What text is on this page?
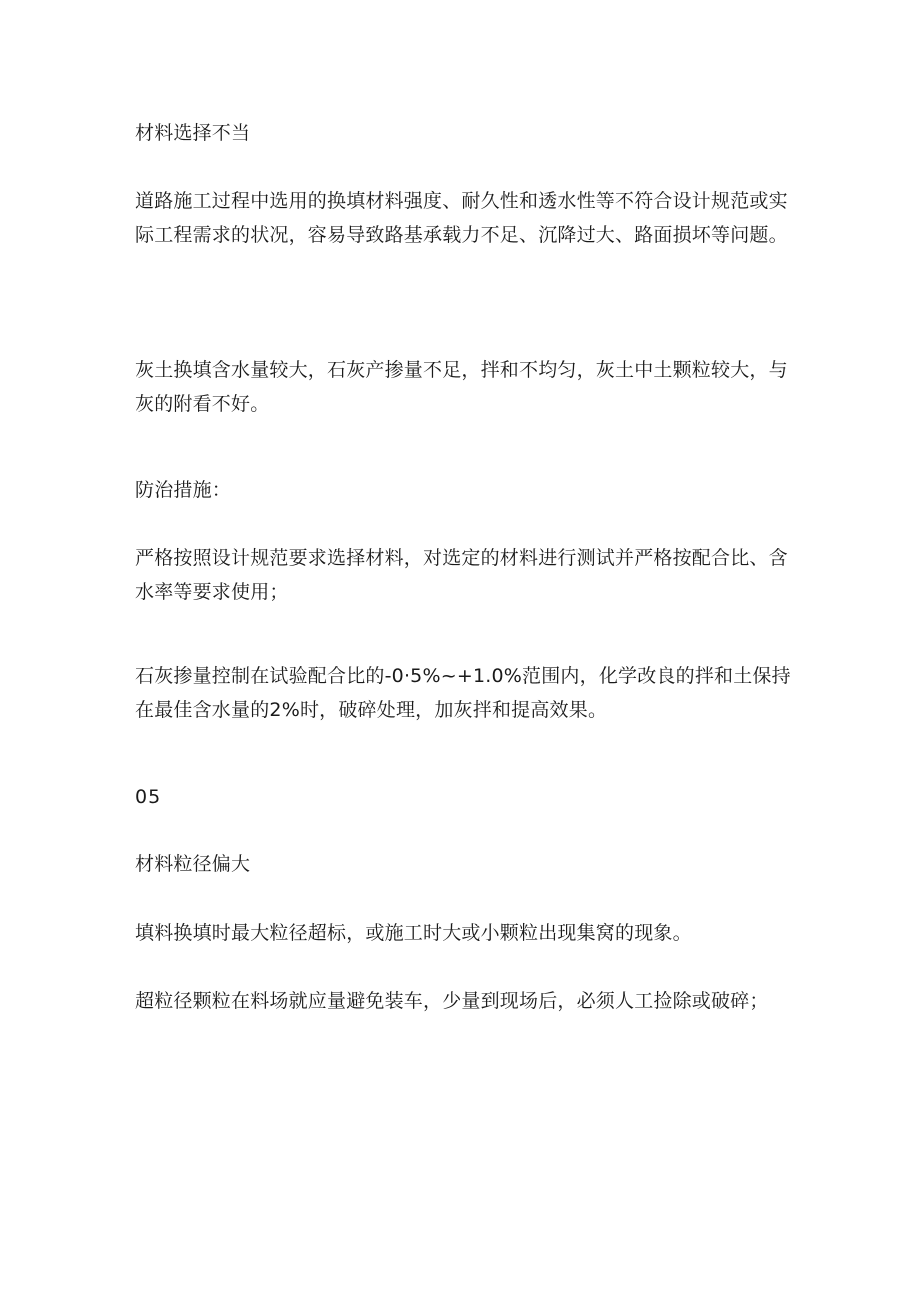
材料选择不当

道路施工过程中选用的换填材料强度、耐久性和透水性等不符合设计规范或实际工程需求的状况，容易导致路基承载力不足、沉降过大、路面损坏等问题。

灰土换填含水量较大，石灰产掺量不足，拌和不均匀，灰土中土颗粒较大，与灰的附看不好。

防治措施：

严格按照设计规范要求选择材料，对选定的材料进行测试并严格按配合比、含水率等要求使用；

石灰掺量控制在试验配合比的-0·5%~+1.0%范围内，化学改良的拌和土保持在最佳含水量的2%时，破碎处理，加灰拌和提高效果。

05

材料粒径偏大

填料换填时最大粒径超标，或施工时大或小颗粒出现集窝的现象。

超粒径颗粒在料场就应量避免装车，少量到现场后，必须人工捡除或破碎；
